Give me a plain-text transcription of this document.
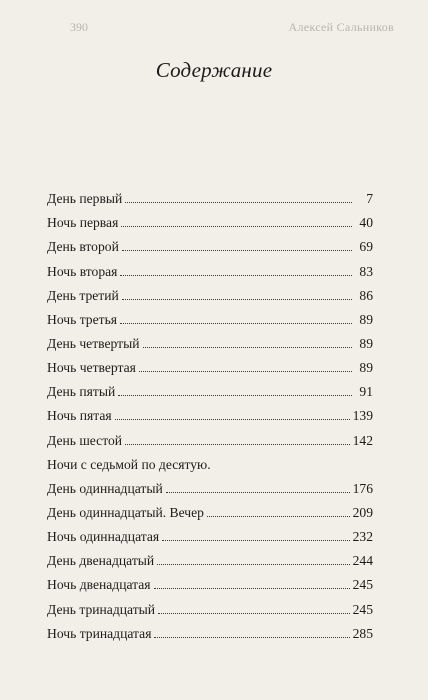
390	Алексей Сальников
Содержание
День первый	7
Ночь первая	40
День второй	69
Ночь вторая	83
День третий	86
Ночь третья	89
День четвертый	89
Ночь четвертая	89
День пятый	91
Ночь пятая	139
День шестой	142
Ночи с седьмой по десятую.
День одиннадцатый	176
День одиннадцатый. Вечер	209
Ночь одиннадцатая	232
День двенадцатый	244
Ночь двенадцатая	245
День тринадцатый	245
Ночь тринадцатая	285
